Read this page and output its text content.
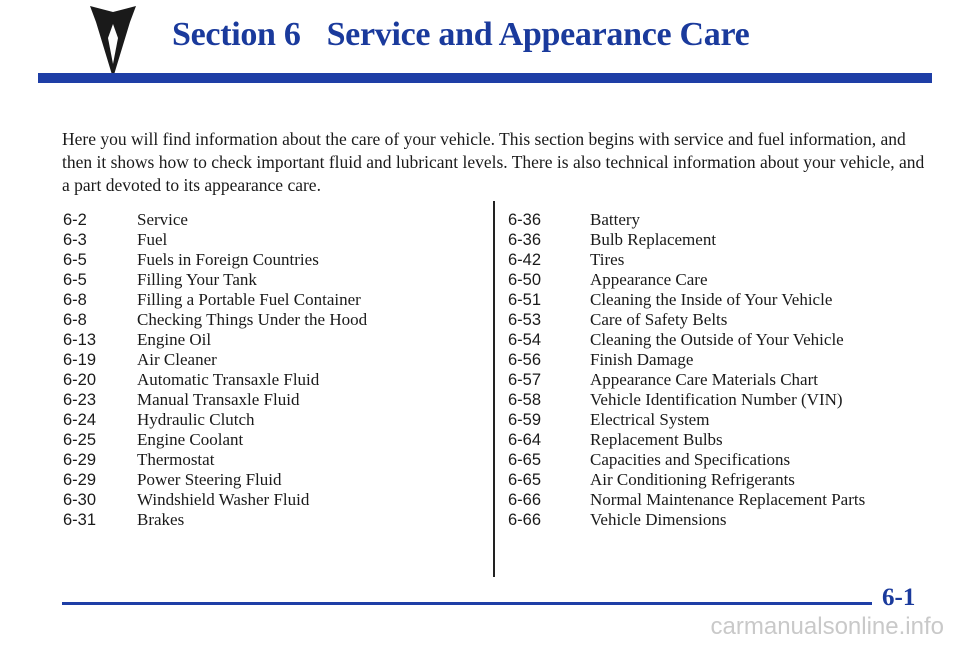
Section 6 Service and Appearance Care

Here you will find information about the care of your vehicle. This section begins with service and fuel information, and then it shows how to check important fluid and lubricant levels. There is also technical information about your vehicle, and a part devoted to its appearance care.

6-2	Service
6-3	Fuel
6-5	Fuels in Foreign Countries
6-5	Filling Your Tank
6-8	Filling a Portable Fuel Container
6-8	Checking Things Under the Hood
6-13	Engine Oil
6-19	Air Cleaner
6-20	Automatic Transaxle Fluid
6-23	Manual Transaxle Fluid
6-24	Hydraulic Clutch
6-25	Engine Coolant
6-29	Thermostat
6-29	Power Steering Fluid
6-30	Windshield Washer Fluid
6-31	Brakes
6-36	Battery
6-36	Bulb Replacement
6-42	Tires
6-50	Appearance Care
6-51	Cleaning the Inside of Your Vehicle
6-53	Care of Safety Belts
6-54	Cleaning the Outside of Your Vehicle
6-56	Finish Damage
6-57	Appearance Care Materials Chart
6-58	Vehicle Identification Number (VIN)
6-59	Electrical System
6-64	Replacement Bulbs
6-65	Capacities and Specifications
6-65	Air Conditioning Refrigerants
6-66	Normal Maintenance Replacement Parts
6-66	Vehicle Dimensions

6-1

carmanualsonline.info
